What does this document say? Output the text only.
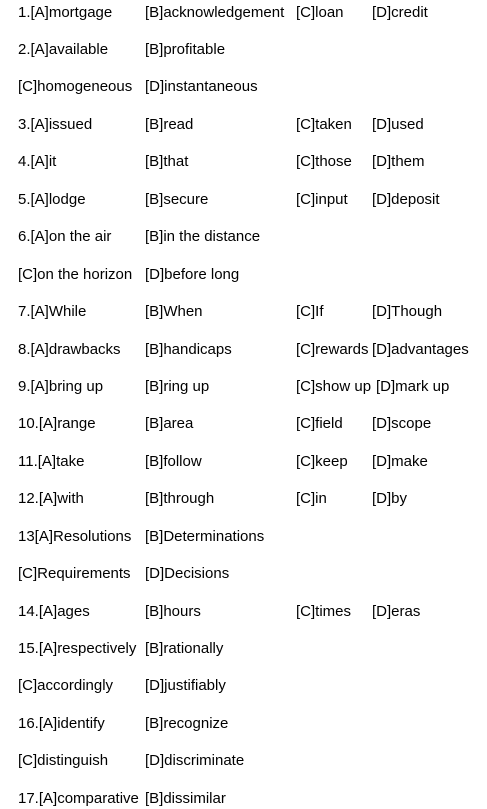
1.[A]mortgage [B]acknowledgement [C]loan [D]credit
2.[A]available [B]profitable
[C]homogeneous [D]instantaneous
3.[A]issued	[B]read	[C]taken [D]used
4.[A]it	[B]that	[C]those [D]them
5.[A]lodge	[B]secure	[C]input [D]deposit
6.[A]on the air [B]in the distance
[C]on the horizon [D]before long
7.[A]While	[B]When	[C]If	[D]Though
8.[A]drawbacks [B]handicaps	[C]rewards [D]advantages
9.[A]bring up	[B]ring up	[C]show up [D]mark up
10.[A]range	[B]area	[C]field [D]scope
11.[A]take	[B]follow	[C]keep [D]make
12.[A]with	[B]through	[C]in	[D]by
13[A]Resolutions [B]Determinations
[C]Requirements [D]Decisions
14.[A]ages	[B]hours	[C]times [D]eras
15.[A]respectively [B]rationally
[C]accordingly [D]justifiably
16.[A]identify	[B]recognize
[C]distinguish [D]discriminate
17.[A]comparative [B]dissimilar
